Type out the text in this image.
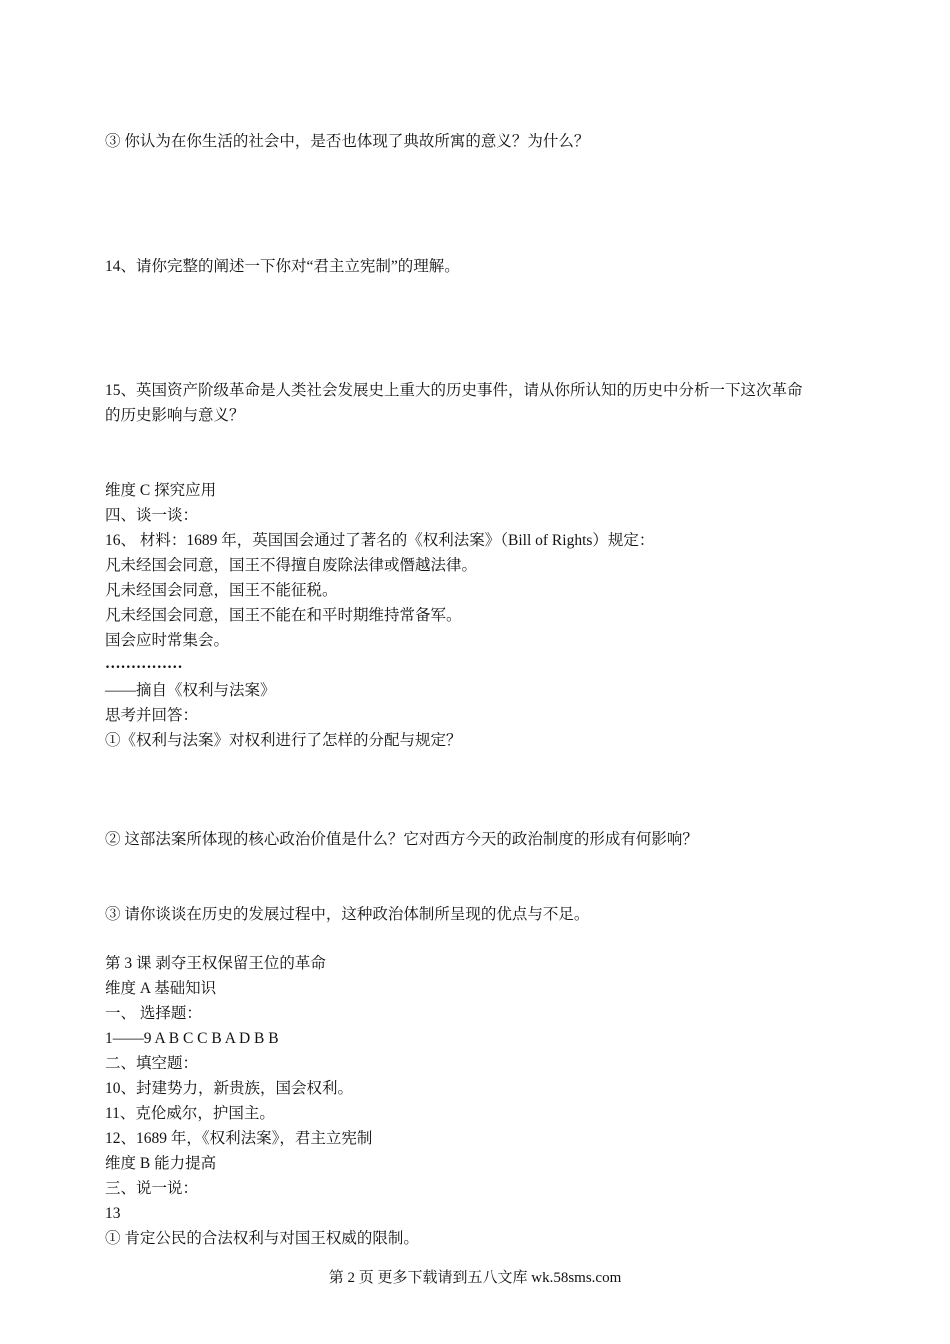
③ 你认为在你生活的社会中，是否也体现了典故所寓的意义？为什么？

14、请你完整的阐述一下你对“君主立宪制”的理解。

15、英国资产阶级革命是人类社会发展史上重大的历史事件，请从你所认知的历史中分析一下这次革命

的历史影响与意义？

维度 C 探究应用

四、谈一谈：

16、 材料：1689 年，英国国会通过了著名的《权利法案》（Bill of Rights）规定：

凡未经国会同意，国王不得擅自废除法律或僭越法律。

凡未经国会同意，国王不能征税。

凡未经国会同意，国王不能在和平时期维持常备军。

国会应时常集会。

……………

——摘自《权利与法案》

思考并回答：

①《权利与法案》对权利进行了怎样的分配与规定？

② 这部法案所体现的核心政治价值是什么？它对西方今天的政治制度的形成有何影响？

③ 请你谈谈在历史的发展过程中，这种政治体制所呈现的优点与不足。

第 3 课 剥夺王权保留王位的革命

维度 A 基础知识

一、 选择题：

1——9 A B C C B A D B B

二、填空题：

10、封建势力，新贵族，国会权利。

11、克伦威尔，护国主。

12、1689 年，《权利法案》，君主立宪制

维度 B 能力提高

三、说一说：

13

① 肯定公民的合法权利与对国王权威的限制。

第 2 页 更多下载请到五八文库 wk.58sms.com
